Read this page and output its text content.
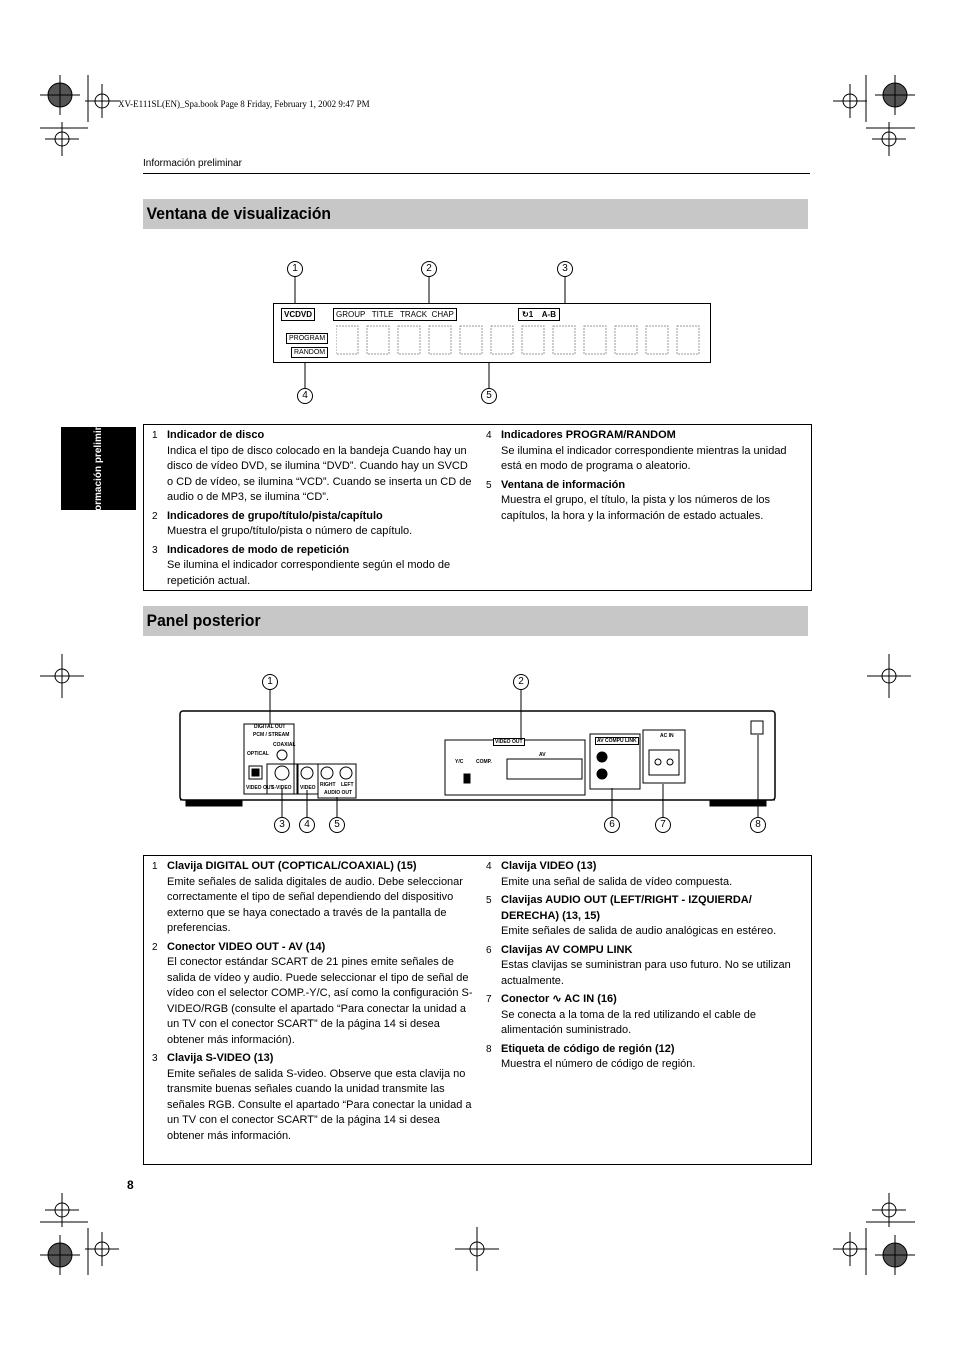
XV-E111SL(EN)_Spa.book Page 8 Friday, February 1, 2002 9:47 PM
Información preliminar
Información preliminar
Ventana de visualización
1	2	3
4	5
VCDVD	GROUP   TITLE   TRACK  CHAP	↻1    A-B
PROGRAM
RANDOM
1 Indicador de disco
Indica el tipo de disco colocado en la bandeja Cuando hay un disco de vídeo DVD, se ilumina “DVD”. Cuando hay un SVCD o CD de vídeo, se ilumina “VCD”. Cuando se inserta un CD de audio o de MP3, se ilumina “CD”.
2 Indicadores de grupo/título/pista/capítulo
Muestra el grupo/título/pista o número de capítulo.
3 Indicadores de modo de repetición
Se ilumina el indicador correspondiente según el modo de repetición actual.
4 Indicadores PROGRAM/RANDOM
Se ilumina el indicador correspondiente mientras la unidad está en modo de programa o aleatorio.
5 Ventana de información
Muestra el grupo, el título, la pista y los números de los capítulos, la hora y la información de estado actuales.
Panel posterior
1	2
3	4	5	6	7	8
DIGITAL OUT
PCM / STREAM
COAXIAL
OPTICAL
VIDEO OUT
S-VIDEO VIDEO RIGHT LEFT
AUDIO OUT
VIDEO OUT
AV
Y/C	COMP.
AV COMPU LINK
AC IN
1 Clavija DIGITAL OUT (COPTICAL/COAXIAL) (15)
Emite señales de salida digitales de audio. Debe seleccionar correctamente el tipo de señal dependiendo del dispositivo externo que se haya conectado a través de la pantalla de preferencias.
2 Conector VIDEO OUT - AV (14)
El conector estándar SCART de 21 pines emite señales de salida de vídeo y audio. Puede seleccionar el tipo de señal de vídeo con el selector COMP.-Y/C, así como la configuración S-VIDEO/RGB (consulte el apartado “Para conectar la unidad a un TV con el conector SCART” de la página 14 si desea obtener más información).
3 Clavija S-VIDEO (13)
Emite señales de salida S-video. Observe que esta clavija no transmite buenas señales cuando la unidad transmite las señales RGB. Consulte el apartado “Para conectar la unidad a un TV con el conector SCART” de la página 14 si desea obtener más información.
4 Clavija VIDEO (13)
Emite una señal de salida de vídeo compuesta.
5 Clavijas AUDIO OUT (LEFT/RIGHT - IZQUIERDA/ DERECHA) (13, 15)
Emite señales de salida de audio analógicas en estéreo.
6 Clavijas AV COMPU LINK
Estas clavijas se suministran para uso futuro. No se utilizan actualmente.
7 Conector ∿ AC IN (16)
Se conecta a la toma de la red utilizando el cable de alimentación suministrado.
8 Etiqueta de código de región (12)
Muestra el número de código de región.
8
